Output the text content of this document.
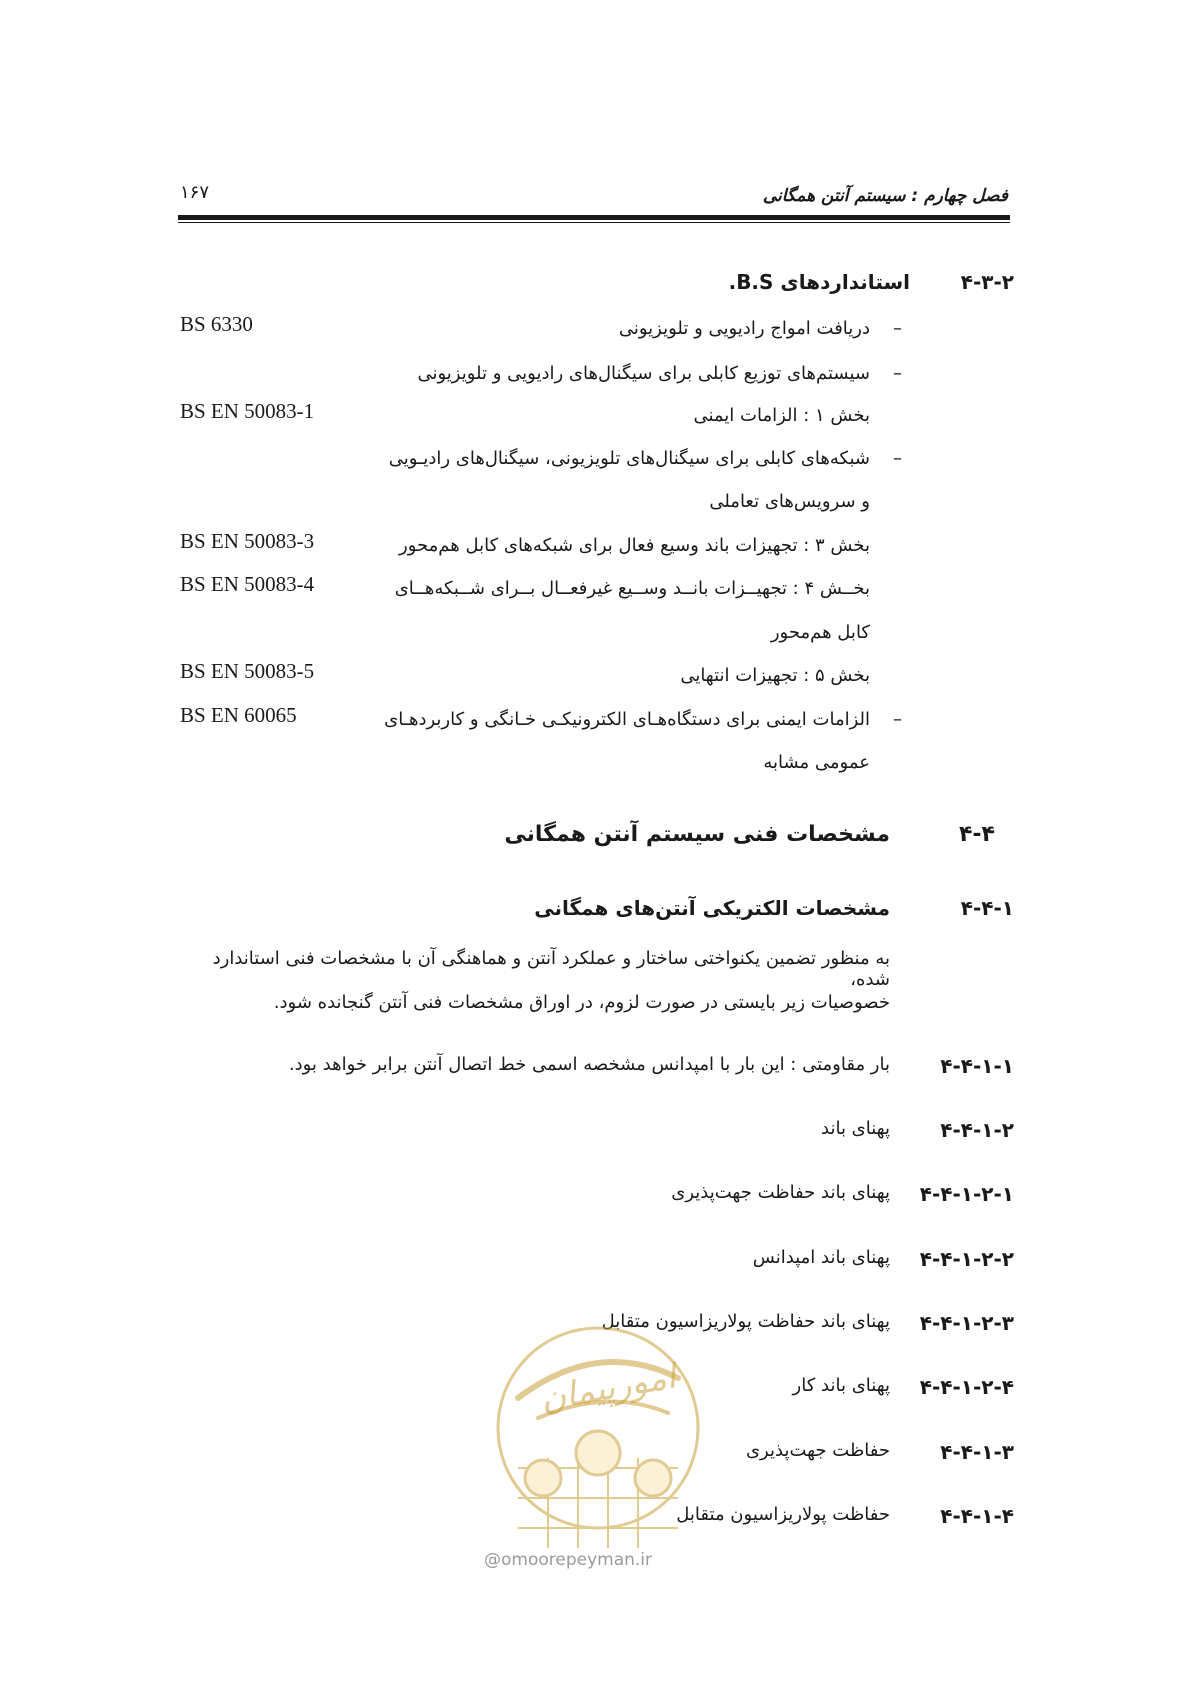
فصل چهارم : سیستم آنتن همگانی
۱۶۷
۴-۳-۲
استانداردهای B.S.
–
دریافت امواج رادیویی و تلویزیونی
BS 6330
–
سیستم‌های توزیع کابلی برای سیگنال‌های رادیویی و تلویزیونی
بخش ۱ : الزامات ایمنی
BS EN 50083-1
–
شبکه‌های کابلی برای سیگنال‌های تلویزیونی، سیگنال‌های رادیـویی
و سرویس‌های تعاملی
بخش ۳ : تجهیزات باند وسیع فعال برای شبکه‌های کابل هم‌محور
BS EN 50083-3
بخــش ۴ : تجهیــزات بانــد وســیع غیرفعــال بــرای شــبکه‌هــای
BS EN 50083-4
کابل هم‌محور
بخش ۵ : تجهیزات انتهایی
BS EN 50083-5
–
الزامات ایمنی برای دستگاه‌هـای الکترونیکـی خـانگی و کاربردهـای
BS EN 60065
عمومی مشابه
۴-۴
مشخصات فنی سیستم آنتن همگانی
۴-۴-۱
مشخصات الکتریکی آنتن‌های همگانی
به منظور تضمین یکنواختی ساختار و عملکرد آنتن و هماهنگی آن با مشخصات فنی استاندارد شده،
خصوصیات زیر بایستی در صورت لزوم، در اوراق مشخصات فنی آنتن گنجانده شود.
۴-۴-۱-۱
بار مقاومتی : این بار با امپدانس مشخصه اسمی خط اتصال آنتن برابر خواهد بود.
۴-۴-۱-۲
پهنای باند
۴-۴-۱-۲-۱
پهنای باند حفاظت جهت‌پذیری
۴-۴-۱-۲-۲
پهنای باند امپدانس
۴-۴-۱-۲-۳
پهنای باند حفاظت پولاریزاسیون متقابل
۴-۴-۱-۲-۴
پهنای باند کار
۴-۴-۱-۳
حفاظت جهت‌پذیری
۴-۴-۱-۴
حفاظت پولاریزاسیون متقابل
امورپیمان
@omoorepeyman.ir
